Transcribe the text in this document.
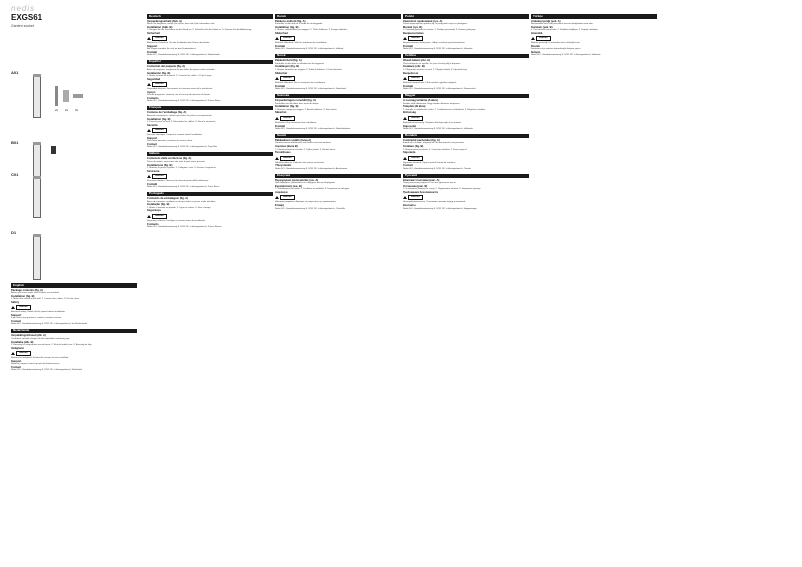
nedis
EXGS61
Garden socket
A01
2x 2x 3x
B01
C01
D1
English
Package contents (fig. A)
Before you start, make sure all parts are included.
Installation (fig. B)
1. Mount the socket to the wall. 2. Connect the cables. 3. Fix the cover.
Safety
DANGER
Electrical safety. Switch off the power before installation.
Support
If you have any questions, contact customer service.
Contact
Nedis B.V., Hambakenwetering 8, 5231 DD 's-Hertogenbosch, the Netherlands
Nederlands
Verpakkingsinhoud (afb. A)
Controleer voordat u begint of alle onderdelen aanwezig zijn.
Installatie (afb. B)
1. Bevestig het stopcontact aan de muur. 2. Sluit de kabels aan. 3. Bevestig de kap.
Veiligheid
DANGER
Elektrische veiligheid. Schakel de stroom uit voor installatie.
Support
Neem bij vragen contact op met de klantenservice.
Contact
Nedis B.V., Hambakenwetering 8, 5231 DD 's-Hertogenbosch, Nederland
Deutsch
Verpackungsinhalt (Abb. A)
Bevor Sie beginnen, stellen Sie sicher, dass alle Teile vorhanden sind.
Installation (Abb. B)
1. Bringen Sie die Steckdose an der Wand an. 2. Schließen Sie die Kabel an. 3. Fixieren Sie die Abdeckung.
Sicherheit
DANGER
Elektrische Sicherheit. Vor der Installation den Strom abschalten.
Support
Bei Fragen wenden Sie sich an den Kundendienst.
Kontakt
Nedis B.V., Hambakenwetering 8, 5231 DD 's-Hertogenbosch, Niederlande
Español
Contenido del paquete (fig. A)
Antes de empezar, asegúrese de que todas las piezas estén incluidas.
Instalación (fig. B)
1. Monte la toma en la pared. 2. Conecte los cables. 3. Fije la tapa.
Seguridad
DANGER
Seguridad eléctrica. Desconecte la corriente antes de la instalación.
Apoyo
Si tiene preguntas, contacte con el servicio de atención al cliente.
Contacto
Nedis B.V., Hambakenwetering 8, 5231 DD 's-Hertogenbosch, Países Bajos
Français
Contenu de l'emballage (fig. A)
Avant de commencer, vérifiez que toutes les pièces sont présentes.
Installation (fig. B)
1. Fixez la prise au mur. 2. Raccordez les câbles. 3. Fixez le couvercle.
Sécurité
DANGER
Sécurité électrique. Coupez le courant avant l'installation.
Support
Pour toute question, contactez le service client.
Contact
Nedis B.V., Hambakenwetering 8, 5231 DD 's-Hertogenbosch, Pays-Bas
Italiano
Contenuto della confezione (fig. A)
Prima di iniziare, assicurarsi che tutte le parti siano presenti.
Installazione (fig. B)
1. Montare la presa a parete. 2. Collegare i cavi. 3. Fissare il coperchio.
Sicurezza
DANGER
Sicurezza elettrica. Staccare la corrente prima dell'installazione.
Contatti
Nedis B.V., Hambakenwetering 8, 5231 DD 's-Hertogenbosch, Paesi Bassi
Português
Conteúdo da embalagem (fig. A)
Antes de começar, certifique-se de que todas as peças estão incluídas.
Instalação (fig. B)
1. Monte a tomada na parede. 2. Ligue os cabos. 3. Fixe a tampa.
Segurança
DANGER
Segurança elétrica. Desligue a corrente antes da instalação.
Contacto
Nedis B.V., Hambakenwetering 8, 5231 DD 's-Hertogenbosch, Países Baixos
Dansk
Pakkens indhold (fig. A)
Kontroller at alle dele er til stede før du begynder.
Installation (fig. B)
1. Monter stikkontakten på væggen. 2. Tilslut kablerne. 3. Fastgør dækslet.
Sikkerhed
DANGER
Elektrisk sikkerhed. Sluk for strømmen før installation.
Kontakt
Nedis B.V., Hambakenwetering 8, 5231 DD 's-Hertogenbosch, Holland
Norsk
Pakkeinnhold (fig. A)
Kontroller at alle deler er inkludert før du begynner.
Installasjon (fig. B)
1. Monter kontakten på veggen. 2. Koble til kablene. 3. Fest dekselet.
Sikkerhet
DANGER
Elektrisk sikkerhet. Slå av strømmen før installasjon.
Kontakt
Nedis B.V., Hambakenwetering 8, 5231 DD 's-Hertogenbosch, Nederland
Svenska
Förpackningens innehåll (fig. A)
Kontrollera att alla delar finns innan du börjar.
Installation (fig. B)
1. Montera uttaget på väggen. 2. Anslut kablarna. 3. Fäst locket.
Säkerhet
DANGER
Elsäkerhet. Bryt strömmen före installation.
Kontakt
Nedis B.V., Hambakenwetering 8, 5231 DD 's-Hertogenbosch, Nederländerna
Suomi
Pakkauksen sisältö (kuva A)
Varmista ennen aloittamista, että kaikki osat ovat mukana.
Asennus (kuva B)
1. Kiinnitä pistorasia seinään. 2. Kytke johdot. 3. Kiinnitä kansi.
Turvallisuus
DANGER
Sähköturvallisuus. Katkaise virta ennen asennusta.
Yhteystiedot
Nedis B.V., Hambakenwetering 8, 5231 DD 's-Hertogenbosch, Alankomaat
Ελληνικά
Περιεχόμενα συσκευασίας (εικ. A)
Πριν ξεκινήσετε, βεβαιωθείτε ότι υπάρχουν όλα τα εξαρτήματα.
Εγκατάσταση (εικ. B)
1. Τοποθετήστε την πρίζα. 2. Συνδέστε τα καλώδια. 3. Στερεώστε το κάλυμμα.
Ασφάλεια
DANGER
Ηλεκτρική ασφάλεια. Διακόψτε το ρεύμα πριν την εγκατάσταση.
Επαφή
Nedis B.V., Hambakenwetering 8, 5231 DD 's-Hertogenbosch, Ολλανδία
Polski
Zawartość opakowania (rys. A)
Przed rozpoczęciem upewnij się, że wszystkie części są dostępne.
Montaż (rys. B)
1. Zamontuj gniazdo na ścianie. 2. Podłącz przewody. 3. Zamocuj pokrywę.
Bezpieczeństwo
DANGER
Bezpieczeństwo elektryczne. Odłącz zasilanie przed montażem.
Kontakt
Nedis B.V., Hambakenwetering 8, 5231 DD 's-Hertogenbosch, Holandia
Čeština
Obsah balení (obr. A)
Před zahájením se ujistěte, že jsou všechny díly k dispozici.
Instalace (obr. B)
1. Připevněte zásuvku na zeď. 2. Připojte kabely. 3. Upevněte kryt.
Bezpečnost
DANGER
Elektrická bezpečnost. Před instalací vypněte napájení.
Kontakt
Nedis B.V., Hambakenwetering 8, 5231 DD 's-Hertogenbosch, Nizozemsko
Magyar
A csomag tartalma (A ábra)
Kezdés előtt ellenőrizze, hogy minden alkatrész megvan-e.
Telepítés (B ábra)
1. Szerelje a csatlakozót a falra. 2. Csatlakoztassa a kábeleket. 3. Rögzítse a fedelet.
Biztonság
DANGER
Elektromos biztonság. Telepítés előtt kapcsolja ki az áramot.
Kapcsolat
Nedis B.V., Hambakenwetering 8, 5231 DD 's-Hertogenbosch, Hollandia
Română
Conținutul pachetului (fig. A)
Înainte de a începe, asigurați-vă că toate piesele sunt prezente.
Instalare (fig. B)
1. Montați priza pe perete. 2. Conectați cablurile. 3. Fixați capacul.
Siguranța
DANGER
Siguranța electrică. Opriți curentul înainte de instalare.
Contact
Nedis B.V., Hambakenwetering 8, 5231 DD 's-Hertogenbosch, Olanda
Русский
Комплект поставки (рис. A)
Перед началом убедитесь, что все детали на месте.
Установка (рис. B)
1. Установите розетку на стену. 2. Подключите кабели. 3. Закрепите крышку.
Требования безопасности
DANGER
Электробезопасность. Отключите питание перед установкой.
Контакты
Nedis B.V., Hambakenwetering 8, 5231 DD 's-Hertogenbosch, Нидерланды
Türkçe
Ambalaj içeriği (şek. A)
Başlamadan önce tüm parçaların mevcut olduğundan emin olun.
Kurulum (şek. B)
1. Prizi duvara monte edin. 2. Kabloları bağlayın. 3. Kapağı sabitleyin.
Güvenlik
DANGER
Elektrik güvenliği. Kurulumdan önce elektriği kesin.
Destek
Sorularınız için müşteri hizmetleriyle iletişime geçin.
İletişim
Nedis B.V., Hambakenwetering 8, 5231 DD 's-Hertogenbosch, Hollanda
